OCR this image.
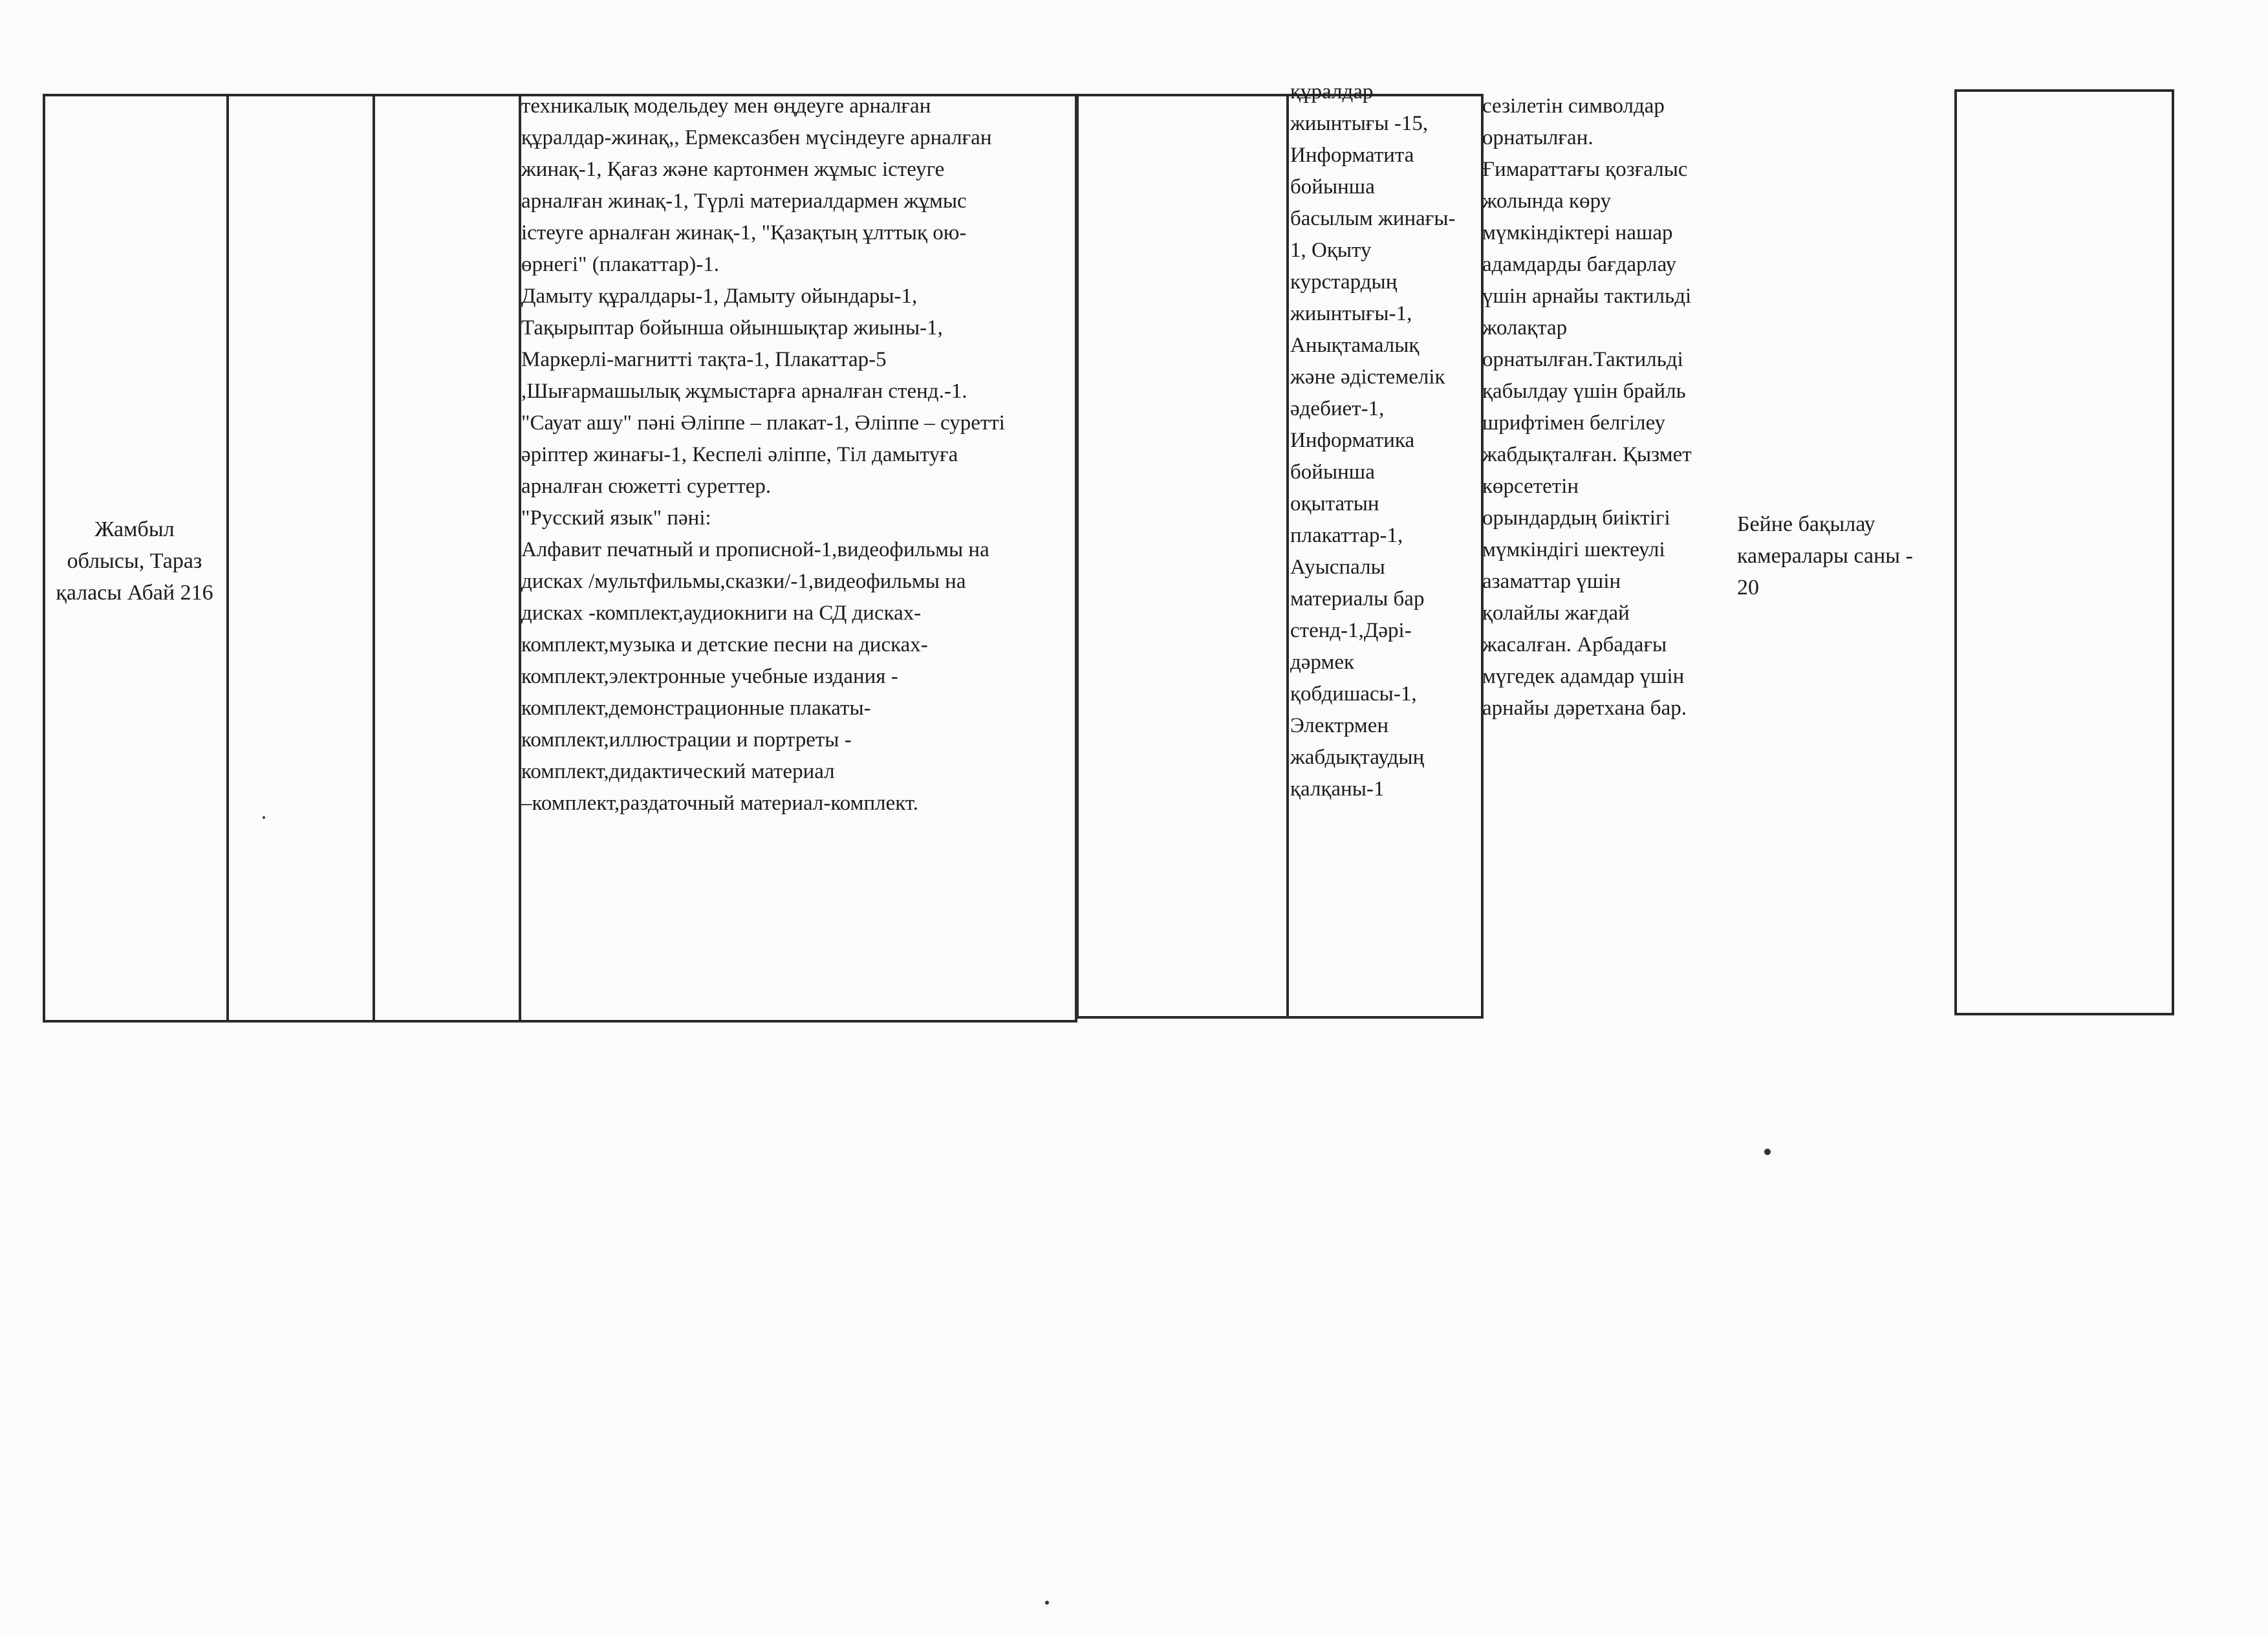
Жамбыл
облысы, Тараз
қаласы Абай 216
техникалық модельдеу мен өңдеуге арналған
құралдар-жинақ,, Ермексазбен мүсіндеуге арналған
жинақ-1, Қағаз және картонмен жұмыс істеуге
арналған жинақ-1, Түрлі материалдармен жұмыс
істеуге арналған жинақ-1, "Қазақтың ұлттық ою-
өрнегі" (плакаттар)-1.
Дамыту құралдары-1, Дамыту ойындары-1,
Тақырыптар бойынша ойыншықтар жиыны-1,
Маркерлі-магнитті тақта-1, Плакаттар-5
,Шығармашылық жұмыстарға арналған стенд.-1.
"Сауат ашу" пәні Әліппе – плакат-1, Әліппе – суретті
әріптер жинағы-1, Кеспелі әліппе, Тіл дамытуға
арналған сюжетті суреттер.
"Русский язык" пәні:
Алфавит печатный и прописной-1,видеофильмы на
дисках /мультфильмы,сказки/-1,видеофильмы на
дисках -комплект,аудиокниги на СД дисках-
комплект,музыка и детские песни на дисках-
комплект,электронные учебные издания -
комплект,демонстрационные плакаты-
комплект,иллюстрации и портреты -
комплект,дидактический материал
–комплект,раздаточный материал-комплект.
құралдар
жиынтығы -15,
Информатита
бойынша
басылым жинағы-
1, Оқыту
курстардың
жиынтығы-1,
Анықтамалық
және әдістемелік
әдебиет-1,
Информатика
бойынша
оқытатын
плакаттар-1,
Ауыспалы
материалы бар
стенд-1,Дәрі-
дәрмек
қобдишасы-1,
Электрмен
жабдықтаудың
қалқаны-1
сезілетін символдар
орнатылған.
Ғимараттағы қозғалыс
жолында көру
мүмкіндіктері нашар
адамдарды бағдарлау
үшін арнайы тактильді
жолақтар
орнатылған.Тактильді
қабылдау үшін брайль
шрифтімен белгілеу
жабдықталған. Қызмет
көрсететін
орындардың биіктігі
мүмкіндігі шектеулі
азаматтар үшін
қолайлы жағдай
жасалған. Арбадағы
мүгедек адамдар үшін
арнайы дәретхана бар.
Бейне бақылау
камералары саны -
20
